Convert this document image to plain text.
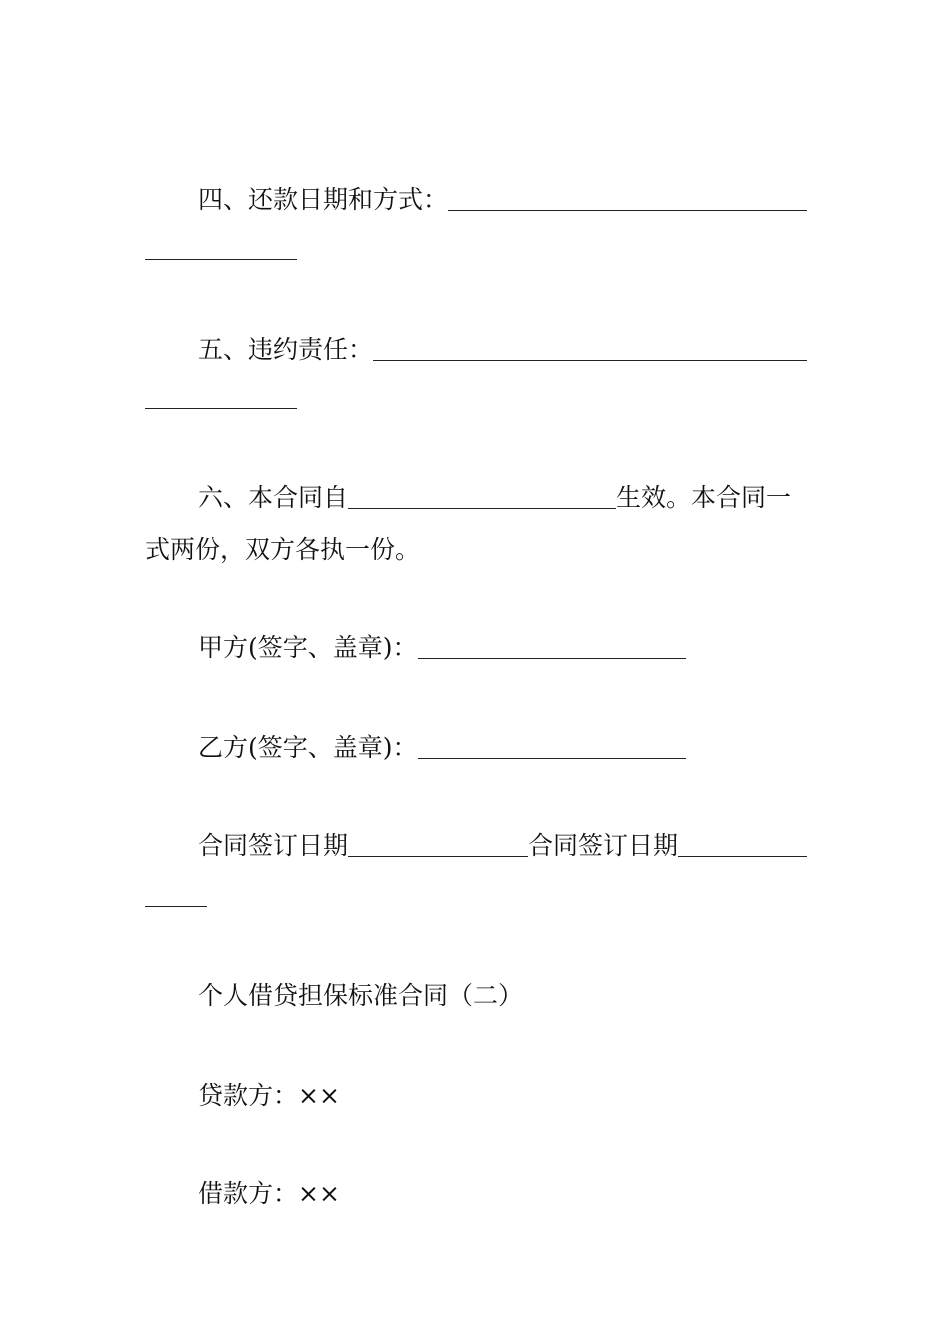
四、还款日期和方式：
五、违约责任：
六、本合同自	生效。本合同一
式两份，双方各执一份。
甲方(签字、盖章)：
乙方(签字、盖章)：
合同签订日期	合同签订日期
个人借贷担保标准合同（二）
贷款方：××
借款方：××
